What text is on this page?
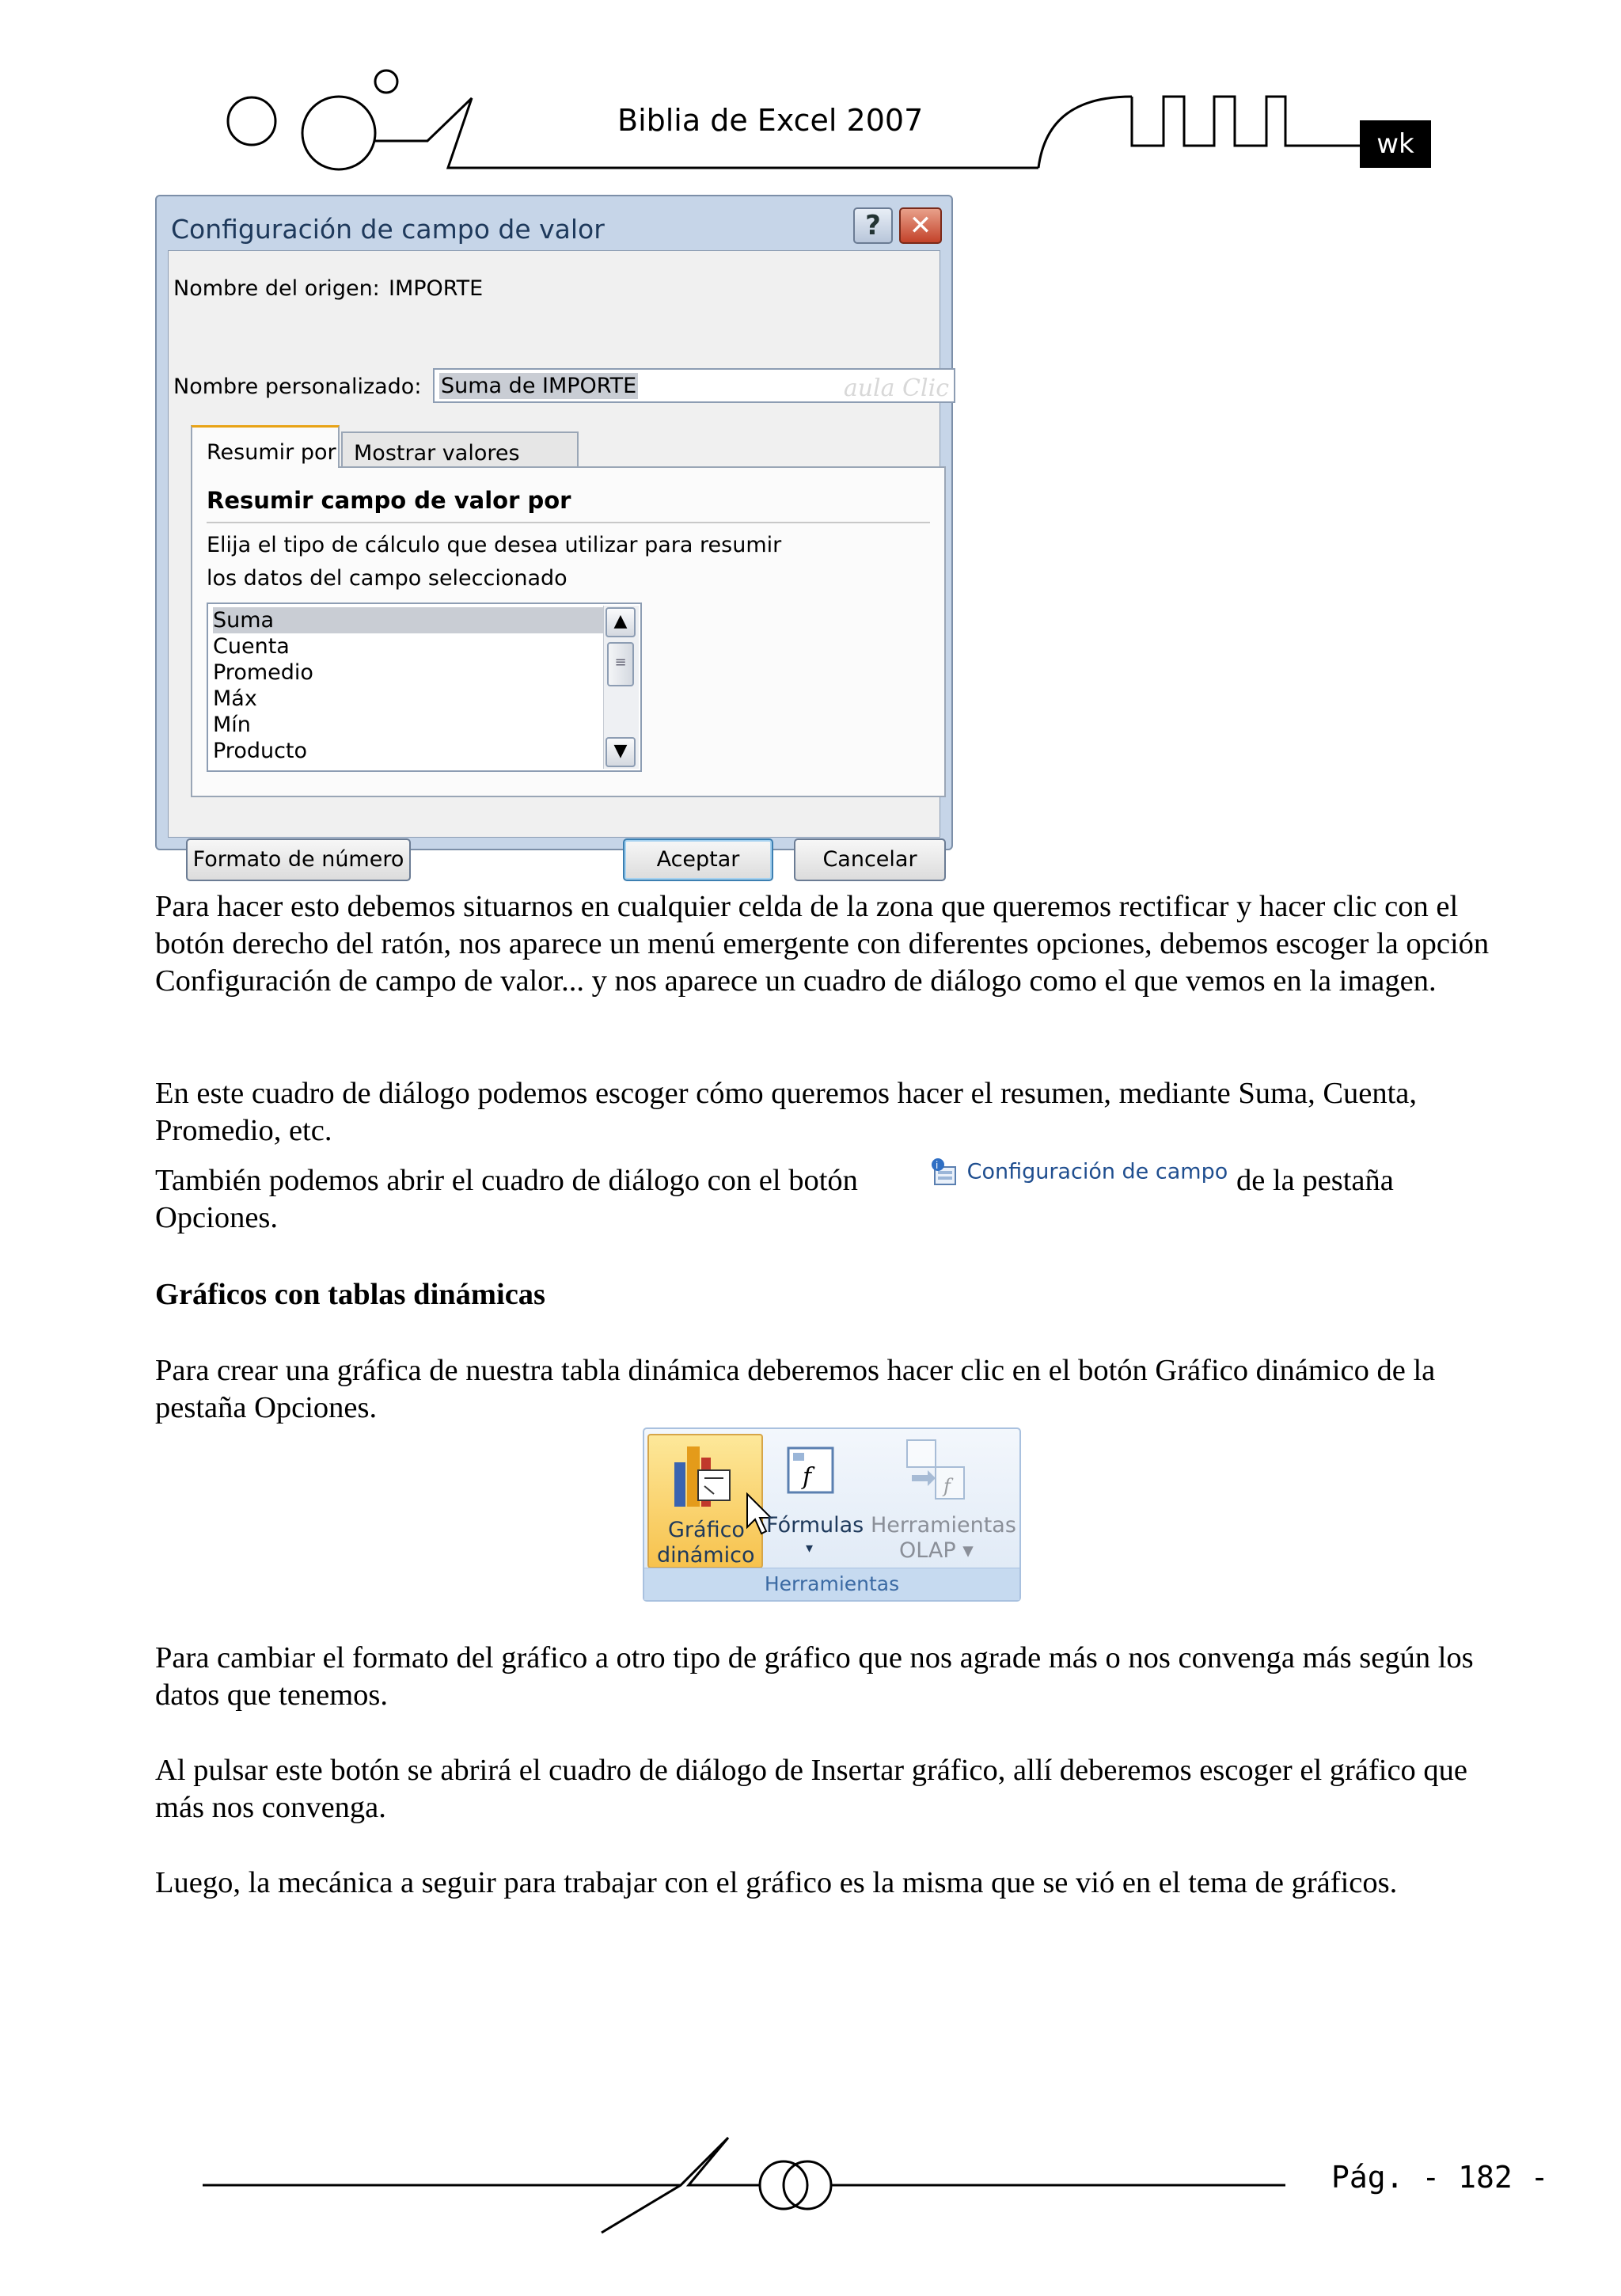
Biblia de Excel 2007
wk
Configuración de campo de valor	?	✕
Nombre del origen: IMPORTE
Nombre personalizado: Suma de IMPORTE	aula Clic
Resumir por Mostrar valores
Resumir campo de valor por
Elija el tipo de cálculo que desea utilizar para resumir
los datos del campo seleccionado
Suma
Cuenta
Promedio
Máx
Mín
Producto
▲
≡
▼
Formato de número	Aceptar	Cancelar
Para hacer esto debemos situarnos en cualquier celda de la zona que queremos rectificar y hacer clic con el botón derecho del ratón, nos aparece un menú emergente con diferentes opciones, debemos escoger la opción Configuración de campo de valor... y nos aparece un cuadro de diálogo como el que vemos en la imagen.
En este cuadro de diálogo podemos escoger cómo queremos hacer el resumen, mediante Suma, Cuenta, Promedio, etc.
También podemos abrir el cuadro de diálogo con el botón	i Configuración de campo de la pestaña
Opciones.
Gráficos con tablas dinámicas
Para crear una gráfica de nuestra tabla dinámica deberemos hacer clic en el botón Gráfico dinámico de la pestaña Opciones.
Gráfico
dinámico
f
Fórmulas
▾
f
Herramientas
OLAP ▾
Herramientas
Para cambiar el formato del gráfico a otro tipo de gráfico que nos agrade más o nos convenga más según los datos que tenemos.
Al pulsar este botón se abrirá el cuadro de diálogo de Insertar gráfico, allí deberemos escoger el gráfico que más nos convenga.
Luego, la mecánica a seguir para trabajar con el gráfico es la misma que se vió en el tema de gráficos.
Pág. - 182 -
